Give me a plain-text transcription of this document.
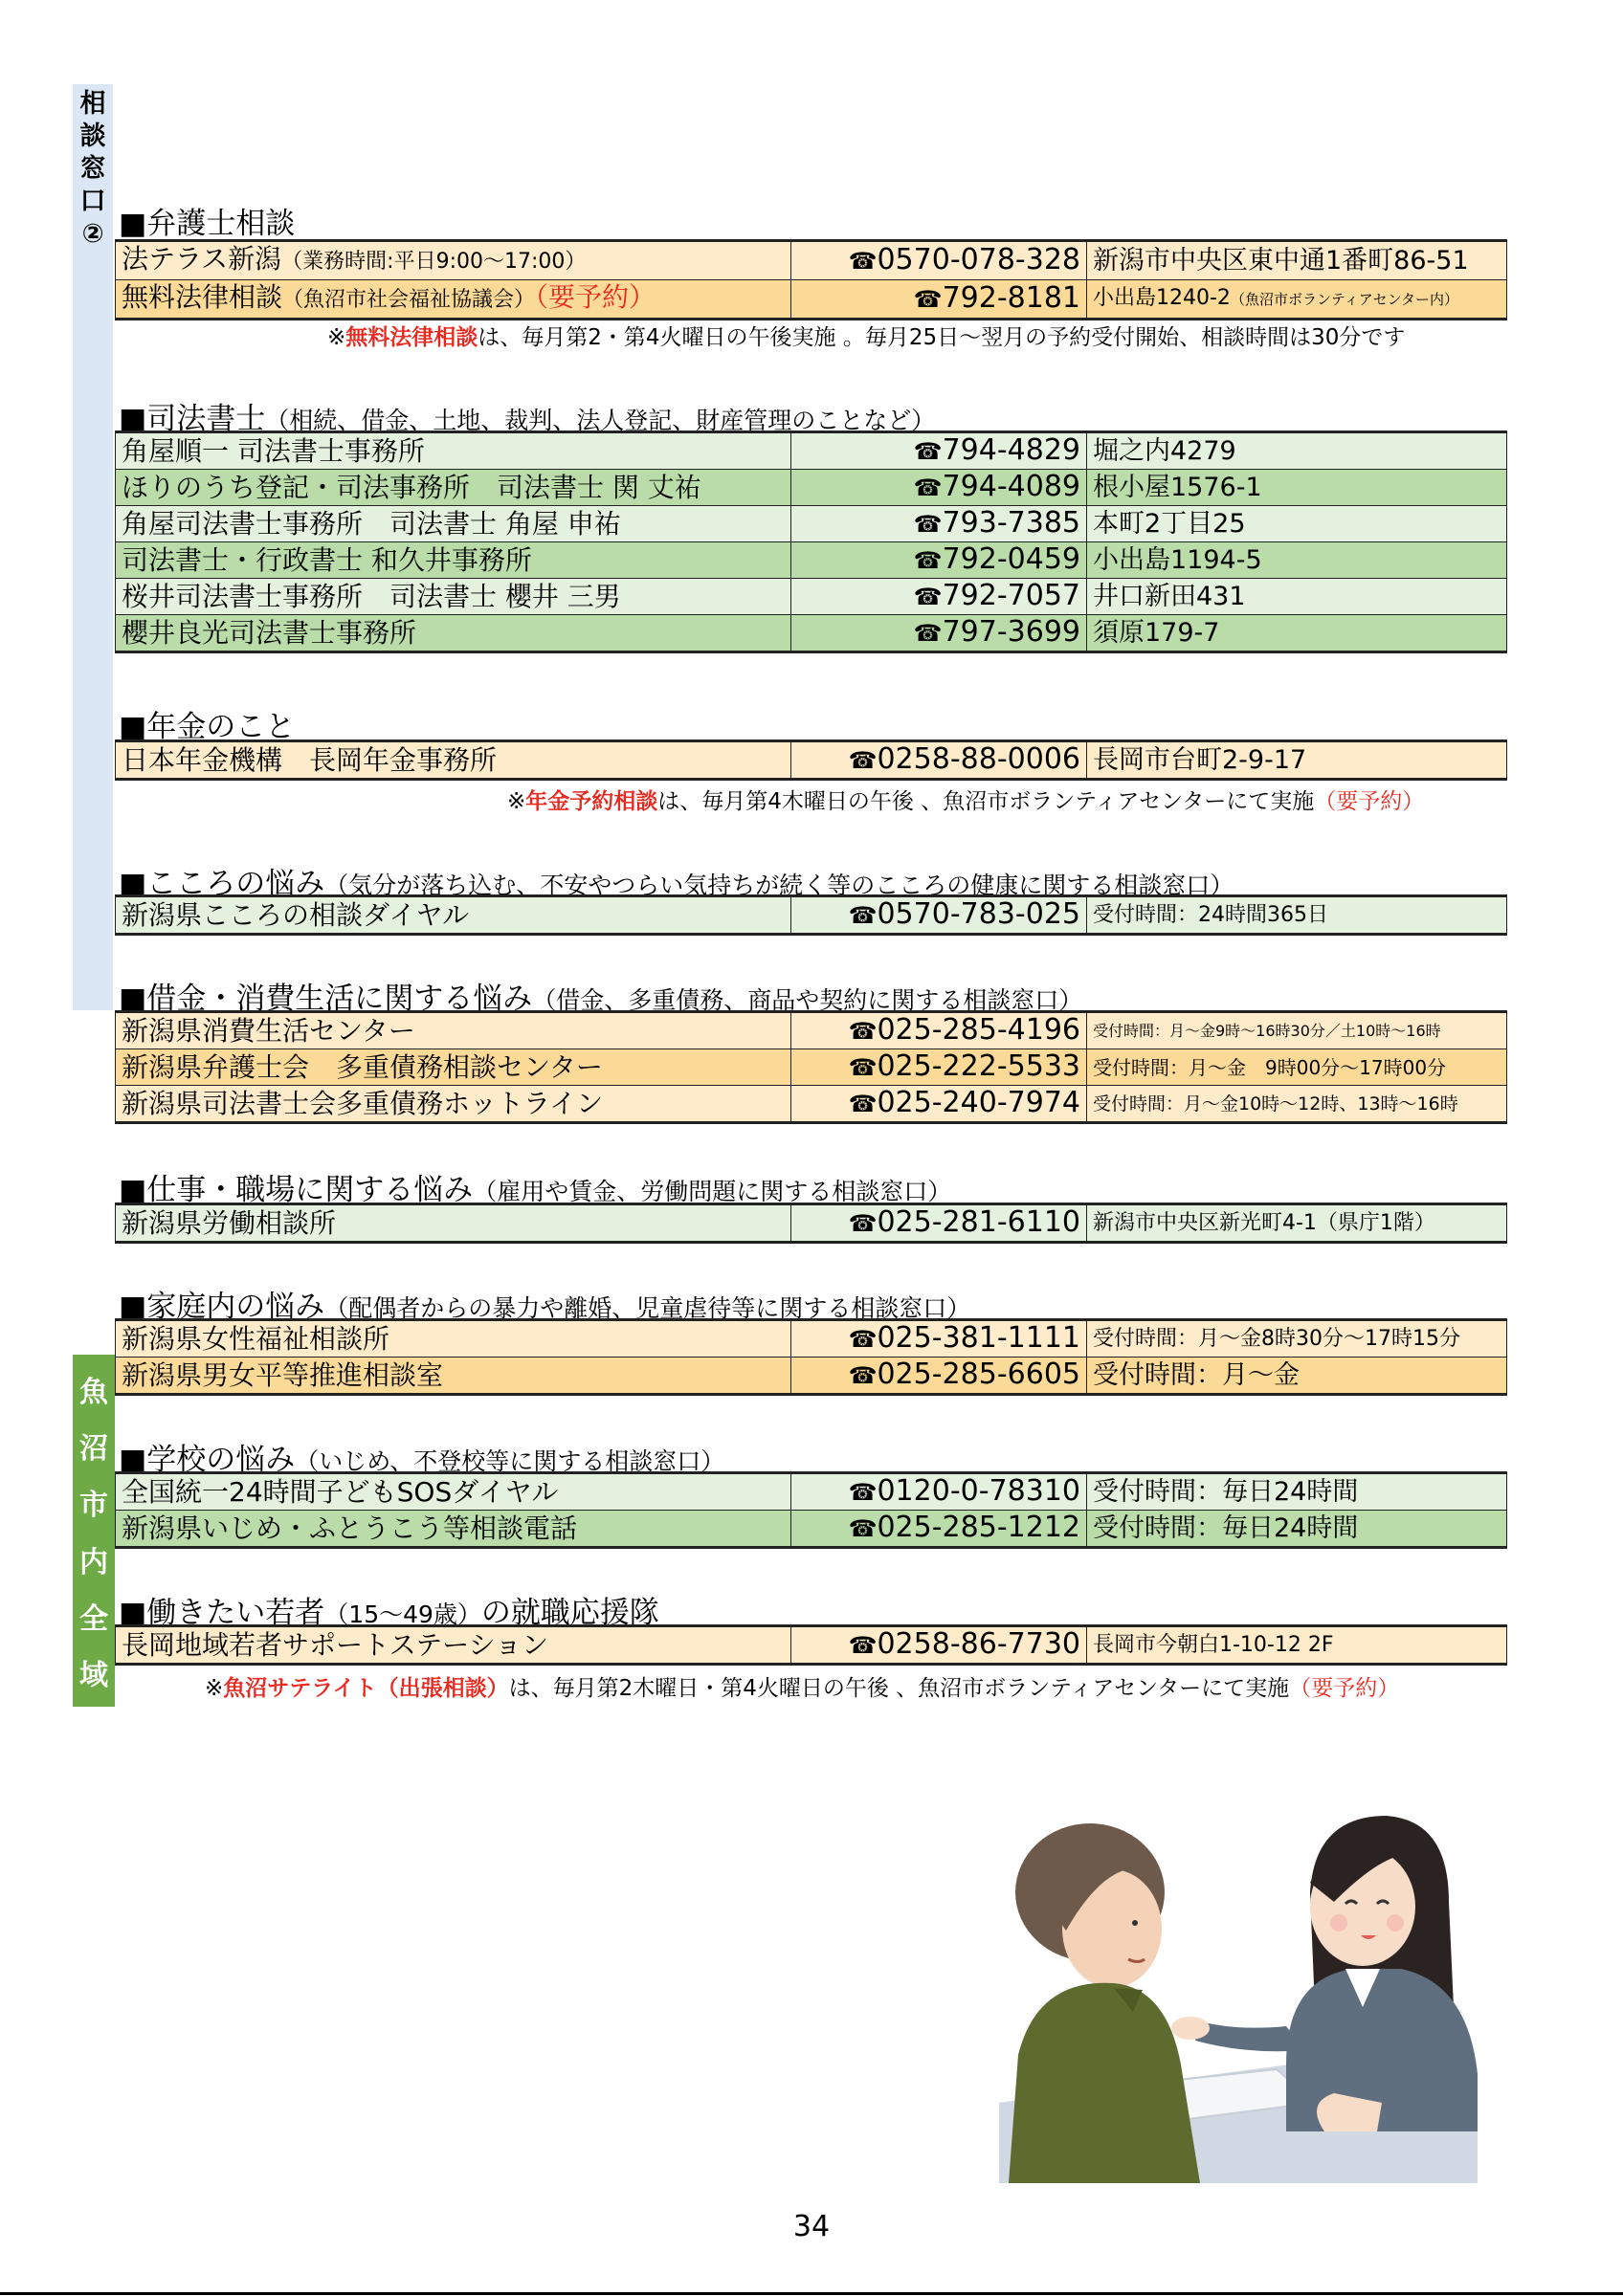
相
談
窓
口
②
魚
沼
市
内
全
域
■弁護士相談
法テラス新潟（業務時間:平日9:00～17:00）	☎0570-078-328	新潟市中央区東中通1番町86-51
無料法律相談（魚沼市社会福祉協議会）（要予約）	☎792-8181	小出島1240-2（魚沼市ボランティアセンター内）
※無料法律相談は、毎月第2・第4火曜日の午後実施 。毎月25日～翌月の予約受付開始、相談時間は30分です
■司法書士（相続、借金、土地、裁判、法人登記、財産管理のことなど）
角屋順一 司法書士事務所	☎794-4829	堀之内4279
ほりのうち登記・司法事務所　司法書士 関 丈祐	☎794-4089	根小屋1576-1
角屋司法書士事務所　司法書士 角屋 申祐	☎793-7385	本町2丁目25
司法書士・行政書士 和久井事務所	☎792-0459	小出島1194-5
桜井司法書士事務所　司法書士 櫻井 三男	☎792-7057	井口新田431
櫻井良光司法書士事務所	☎797-3699	須原179-7
■年金のこと
日本年金機構　長岡年金事務所	☎0258-88-0006	長岡市台町2-9-17
※年金予約相談は、毎月第4木曜日の午後 、魚沼市ボランティアセンターにて実施（要予約）
■こころの悩み（気分が落ち込む、不安やつらい気持ちが続く等のこころの健康に関する相談窓口）
新潟県こころの相談ダイヤル	☎0570-783-025	受付時間：24時間365日
■借金・消費生活に関する悩み（借金、多重債務、商品や契約に関する相談窓口）
新潟県消費生活センター	☎025-285-4196	受付時間：月～金9時～16時30分／土10時～16時
新潟県弁護士会　多重債務相談センター	☎025-222-5533	受付時間：月～金　9時00分～17時00分
新潟県司法書士会多重債務ホットライン	☎025-240-7974	受付時間：月～金10時～12時、13時～16時
■仕事・職場に関する悩み（雇用や賃金、労働問題に関する相談窓口）
新潟県労働相談所	☎025-281-6110	新潟市中央区新光町4-1（県庁1階）
■家庭内の悩み（配偶者からの暴力や離婚、児童虐待等に関する相談窓口）
新潟県女性福祉相談所	☎025-381-1111	受付時間：月～金8時30分～17時15分
新潟県男女平等推進相談室	☎025-285-6605	受付時間：月～金
■学校の悩み（いじめ、不登校等に関する相談窓口）
全国統一24時間子どもSOSダイヤル	☎0120-0-78310	受付時間：毎日24時間
新潟県いじめ・ふとうこう等相談電話	☎025-285-1212	受付時間：毎日24時間
■働きたい若者（15～49歳）の就職応援隊
長岡地域若者サポートステーション	☎0258-86-7730	長岡市今朝白1-10-12 2F
※魚沼サテライト（出張相談）は、毎月第2木曜日・第4火曜日の午後 、魚沼市ボランティアセンターにて実施（要予約）
34
